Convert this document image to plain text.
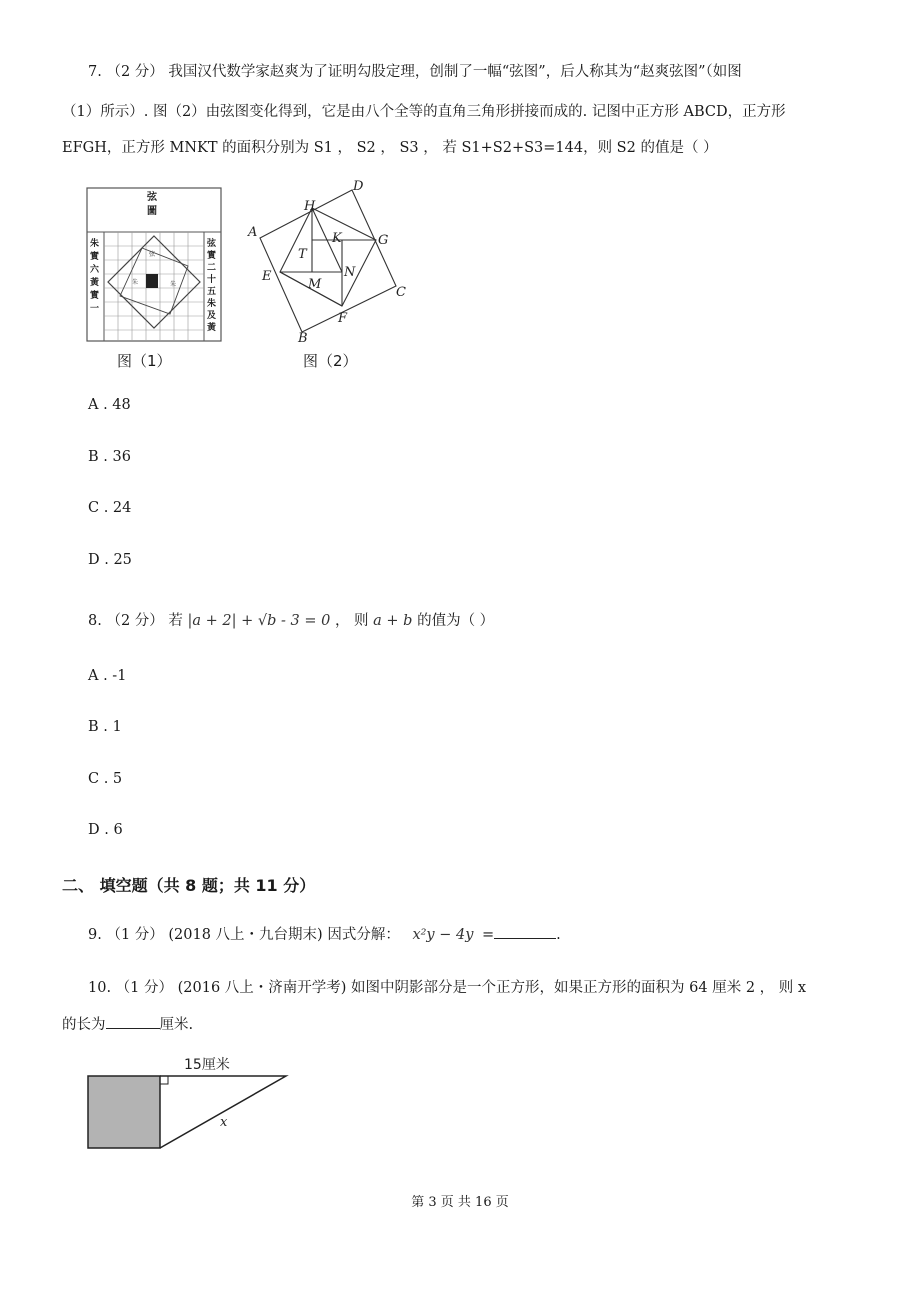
7. （2 分） 我国汉代数学家赵爽为了证明勾股定理，创制了一幅“弦图”，后人称其为“赵爽弦图”（如图
（1）所示）. 图（2）由弦图变化得到，它是由八个全等的直角三角形拼接而成的. 记图中正方形 ABCD，正方形
EFGH，正方形 MNKT 的面积分别为 S1 ， S2 ， S3 ， 若 S1+S2+S3=144，则 S2 的值是（ ）
弦
朱	朱
弦
圖
朱
實
六
黃
實
一
弦
實
二
十
五
朱
及
黃
图（1）
A
B
C
D
E
F
G
H
K
M
N
T
图（2）
A . 48
B . 36
C . 24
D . 25
8. （2 分） 若 |a + 2| + √b - 3 = 0 ， 则 a + b 的值为（ ）
A . -1
B . 1
C . 5
D . 6
二、 填空题（共 8 题；共 11 分）
9. （1 分） (2018 八上・九台期末) 因式分解： x²y − 4y =	.
10. （1 分） (2016 八上・济南开学考) 如图中阴影部分是一个正方形，如果正方形的面积为 64 厘米 2 ， 则 x
的长为	厘米.
15厘米
x
第 3 页 共 16 页
